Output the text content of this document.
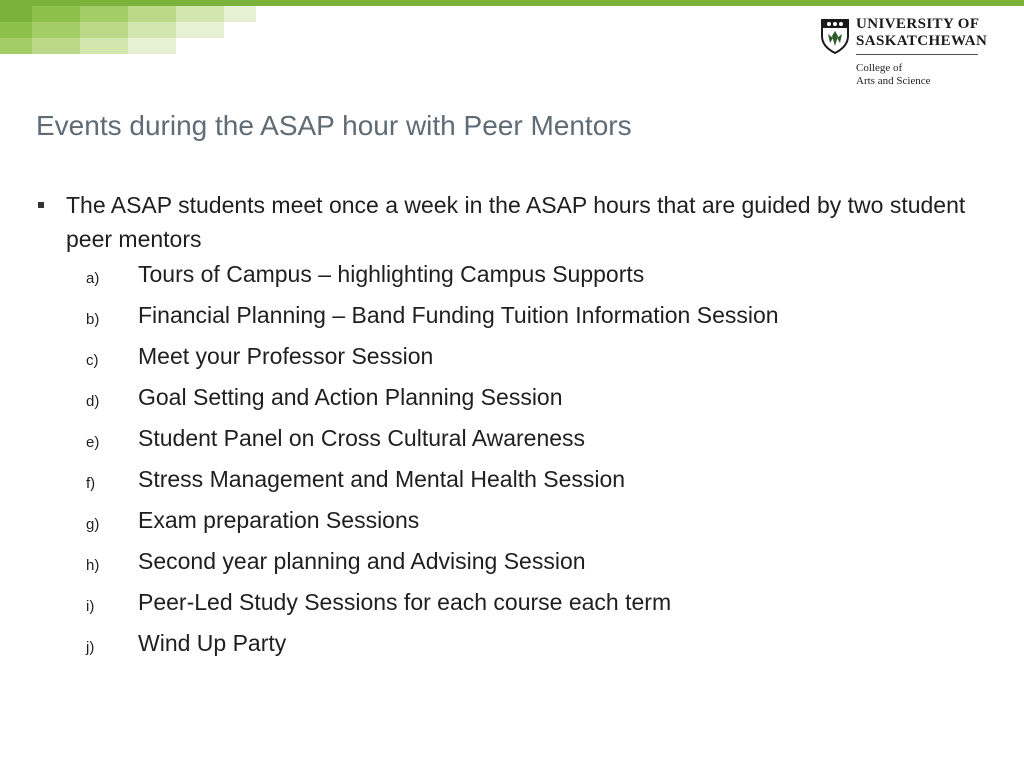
UNIVERSITY OF
SASKATCHEWAN
College of
Arts and Science
Events during the ASAP hour with Peer Mentors
The ASAP students meet once a week in the ASAP hours that are guided by two student peer mentors
a) Tours of Campus – highlighting Campus Supports
b) Financial Planning – Band Funding Tuition Information Session
c) Meet your Professor Session
d) Goal Setting and Action Planning Session
e) Student Panel on Cross Cultural Awareness
f) Stress Management and Mental Health Session
g) Exam preparation Sessions
h) Second year planning and Advising Session
i) Peer-Led Study Sessions for each course each term
j) Wind Up Party
